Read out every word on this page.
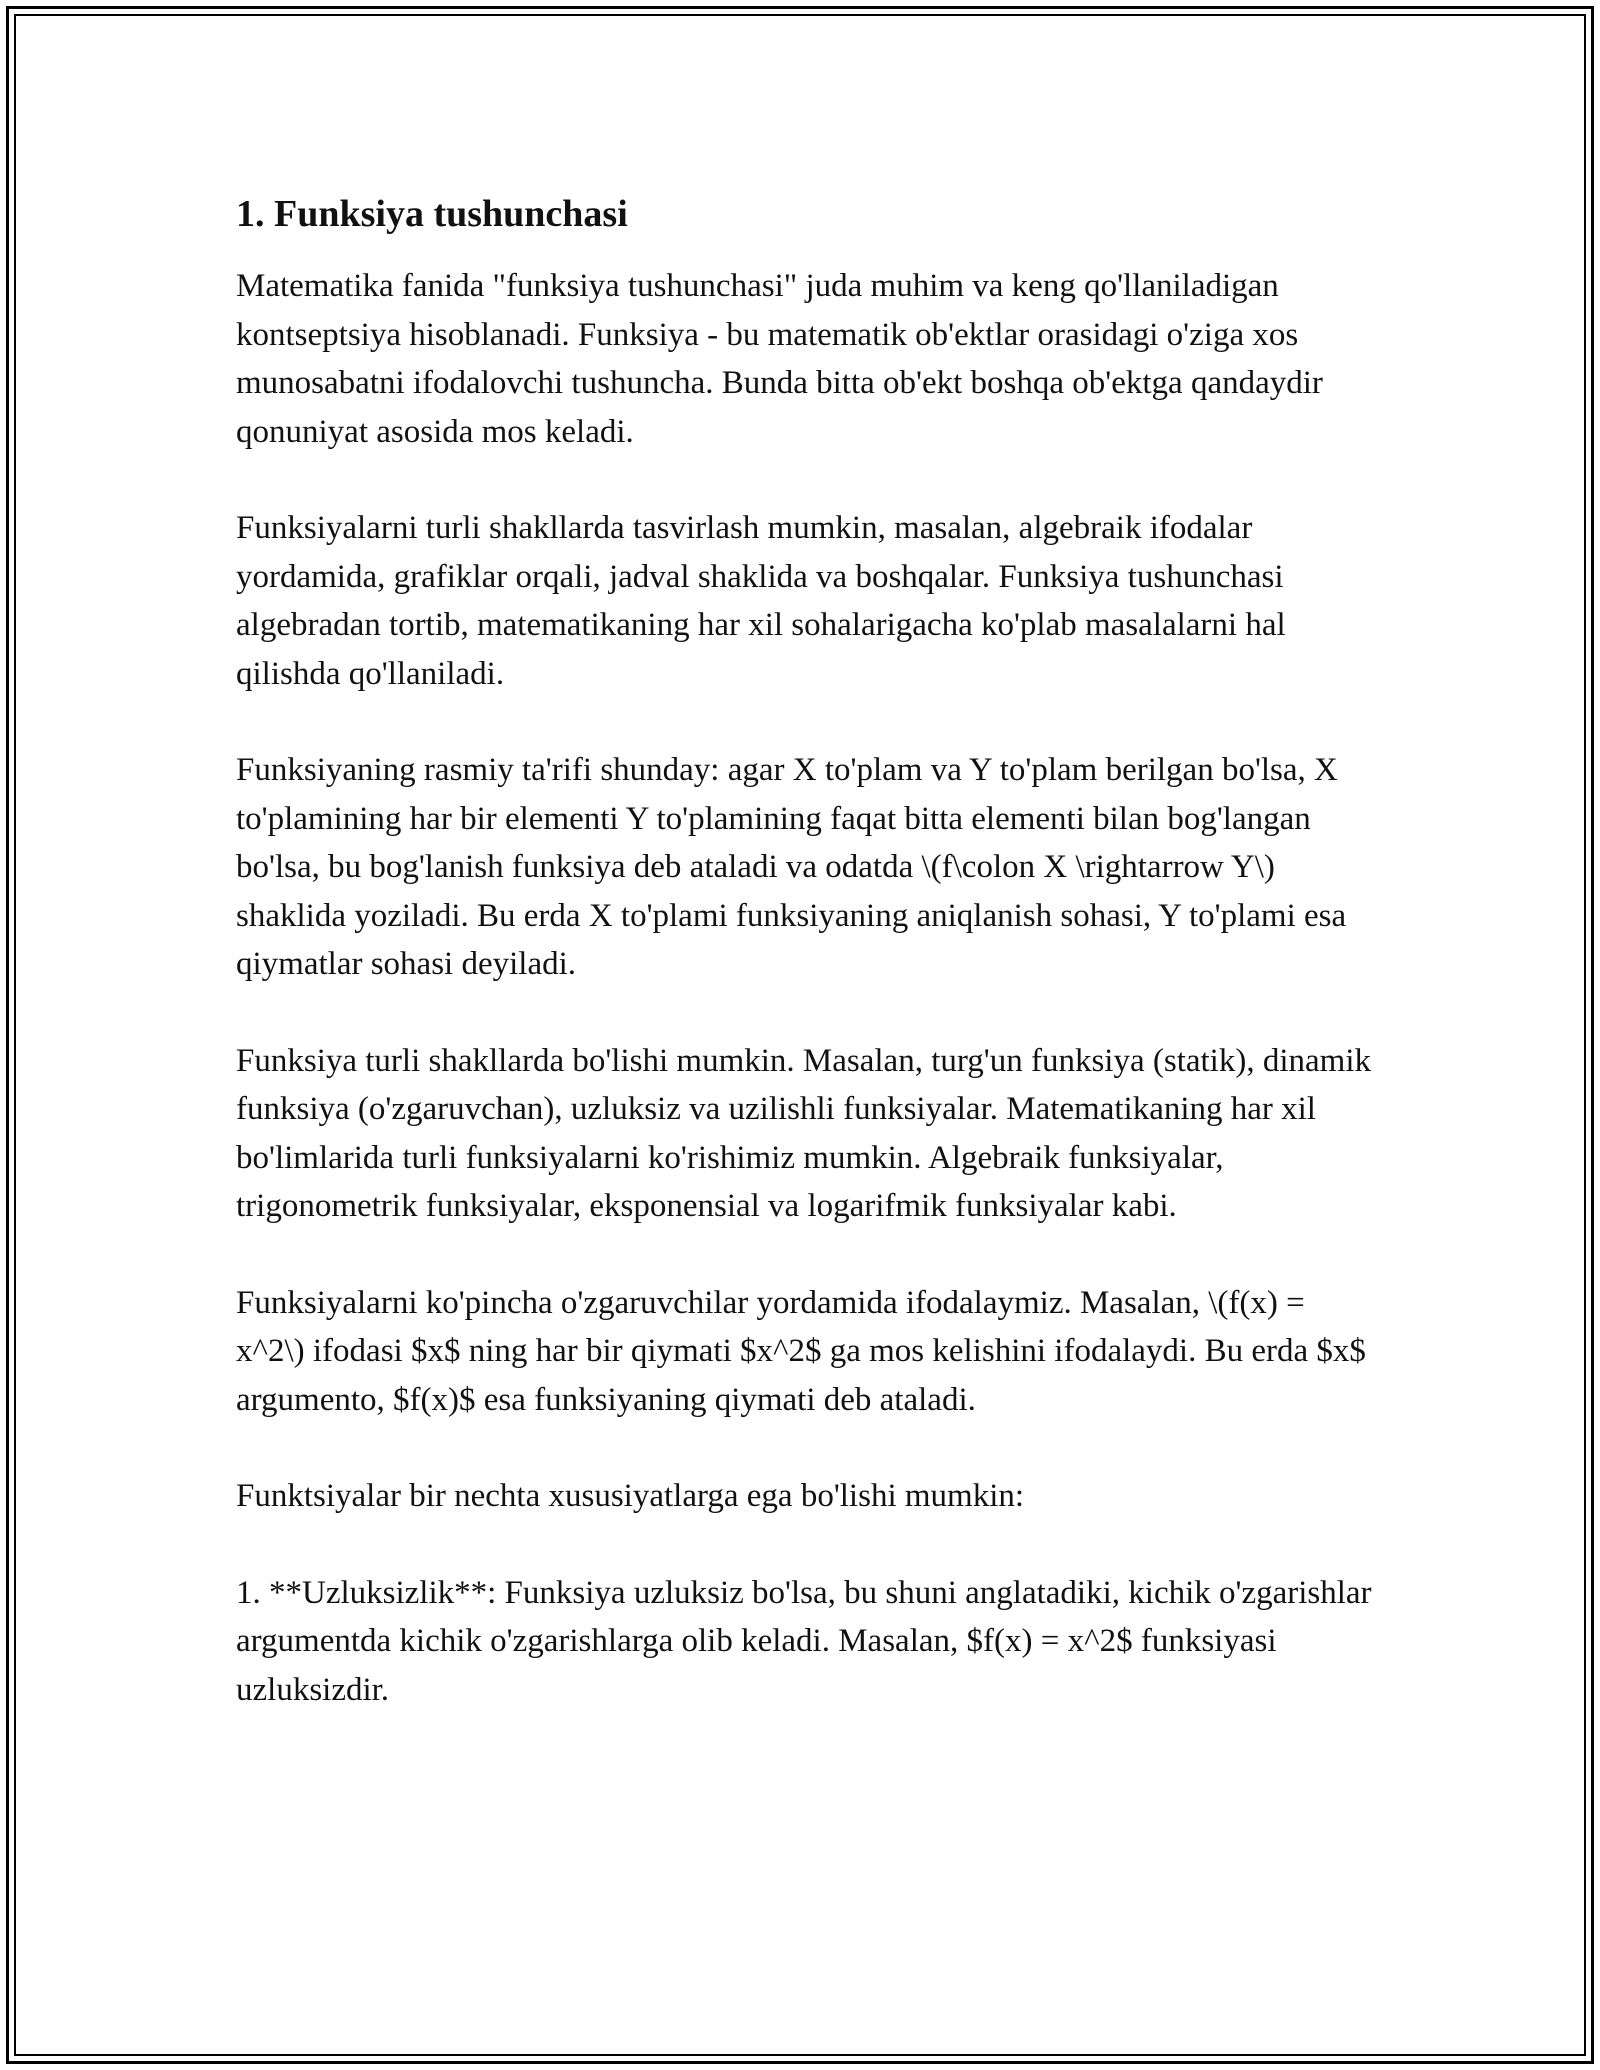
1. Funksiya tushunchasi

Matematika fanida "funksiya tushunchasi" juda muhim va keng qo'llaniladigan kontseptsiya hisoblanadi. Funksiya - bu matematik ob'ektlar orasidagi o'ziga xos munosabatni ifodalovchi tushuncha. Bunda bitta ob'ekt boshqa ob'ektga qandaydir qonuniyat asosida mos keladi.

Funksiyalarni turli shakllarda tasvirlash mumkin, masalan, algebraik ifodalar yordamida, grafiklar orqali, jadval shaklida va boshqalar. Funksiya tushunchasi algebradan tortib, matematikaning har xil sohalarigacha ko'plab masalalarni hal qilishda qo'llaniladi.

Funksiyaning rasmiy ta'rifi shunday: agar X to'plam va Y to'plam berilgan bo'lsa, X to'plamining har bir elementi Y to'plamining faqat bitta elementi bilan bog'langan bo'lsa, bu bog'lanish funksiya deb ataladi va odatda \(f\colon X \rightarrow Y\) shaklida yoziladi. Bu erda X to'plami funksiyaning aniqlanish sohasi, Y to'plami esa qiymatlar sohasi deyiladi.

Funksiya turli shakllarda bo'lishi mumkin. Masalan, turg'un funksiya (statik), dinamik funksiya (o'zgaruvchan), uzluksiz va uzilishli funksiyalar. Matematikaning har xil bo'limlarida turli funksiyalarni ko'rishimiz mumkin. Algebraik funksiyalar, trigonometrik funksiyalar, eksponensial va logarifmik funksiyalar kabi.

Funksiyalarni ko'pincha o'zgaruvchilar yordamida ifodalaymiz. Masalan, \(f(x) = x^2\) ifodasi $x$ ning har bir qiymati $x^2$ ga mos kelishini ifodalaydi. Bu erda $x$ argumento, $f(x)$ esa funksiyaning qiymati deb ataladi.

Funktsiyalar bir nechta xususiyatlarga ega bo'lishi mumkin:

1. **Uzluksizlik**: Funksiya uzluksiz bo'lsa, bu shuni anglatadiki, kichik o'zgarishlar argumentda kichik o'zgarishlarga olib keladi. Masalan, $f(x) = x^2$ funksiyasi uzluksizdir.
